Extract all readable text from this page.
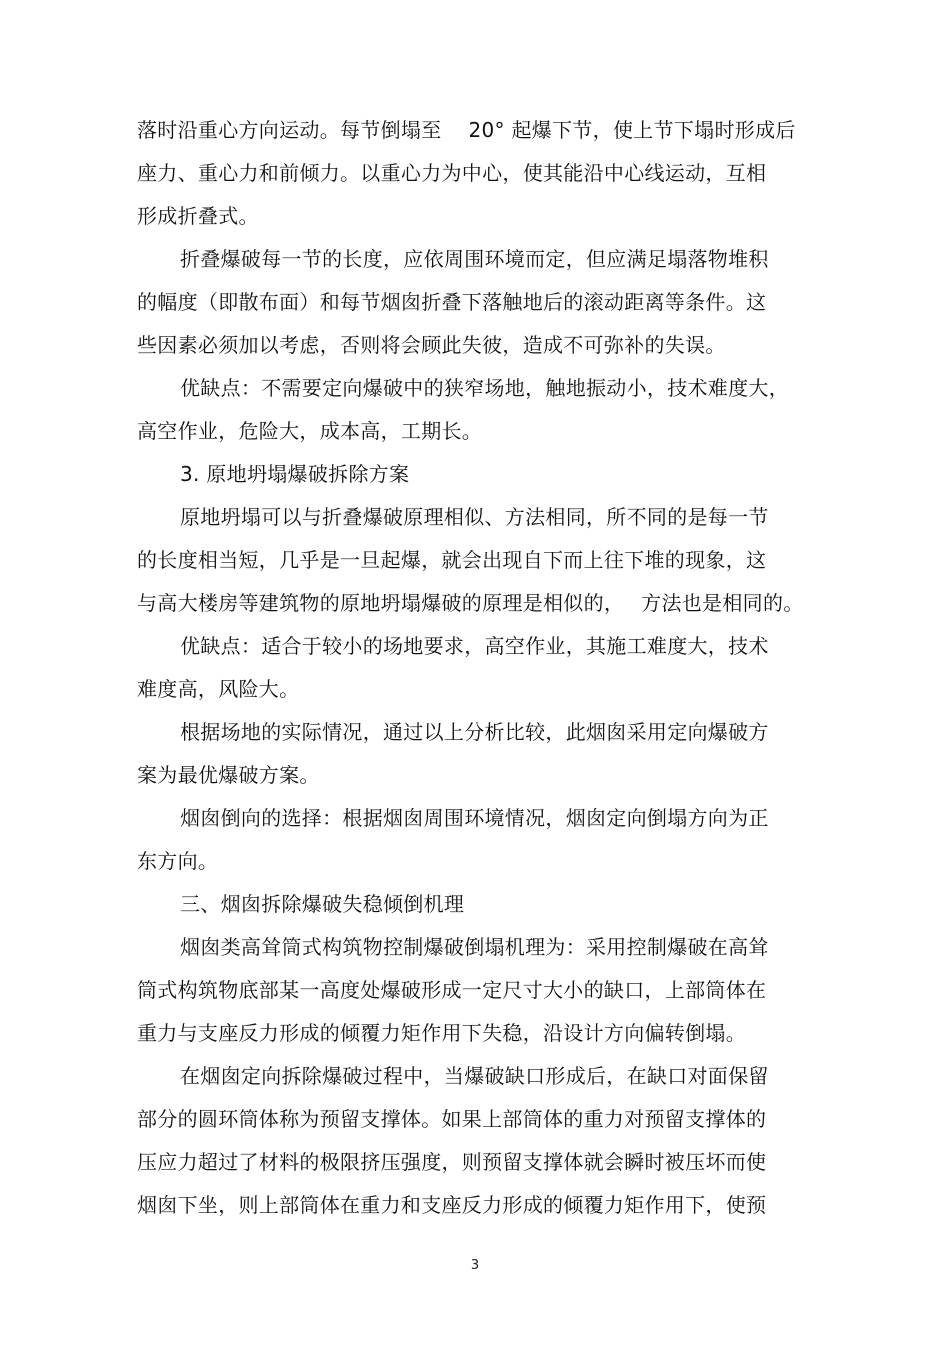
落时沿重心方向运动。每节倒塌至　 20° 起爆下节，使上节下塌时形成后
座力、重心力和前倾力。以重心力为中心，使其能沿中心线运动，互相
形成折叠式。
折叠爆破每一节的长度，应依周围环境而定，但应满足塌落物堆积
的幅度（即散布面）和每节烟囱折叠下落触地后的滚动距离等条件。这
些因素必须加以考虑，否则将会顾此失彼，造成不可弥补的失误。
优缺点：不需要定向爆破中的狭窄场地，触地振动小，技术难度大，
高空作业，危险大，成本高，工期长。
3. 原地坍塌爆破拆除方案
原地坍塌可以与折叠爆破原理相似、方法相同，所不同的是每一节
的长度相当短，几乎是一旦起爆，就会出现自下而上往下堆的现象，这
与高大楼房等建筑物的原地坍塌爆破的原理是相似的，　 方法也是相同的。
优缺点：适合于较小的场地要求，高空作业，其施工难度大，技术
难度高，风险大。
根据场地的实际情况，通过以上分析比较，此烟囱采用定向爆破方
案为最优爆破方案。
烟囱倒向的选择：根据烟囱周围环境情况，烟囱定向倒塌方向为正
东方向。
三、烟囱拆除爆破失稳倾倒机理
烟囱类高耸筒式构筑物控制爆破倒塌机理为：采用控制爆破在高耸
筒式构筑物底部某一高度处爆破形成一定尺寸大小的缺口，上部筒体在
重力与支座反力形成的倾覆力矩作用下失稳，沿设计方向偏转倒塌。
在烟囱定向拆除爆破过程中，当爆破缺口形成后，在缺口对面保留
部分的圆环筒体称为预留支撑体。如果上部筒体的重力对预留支撑体的
压应力超过了材料的极限挤压强度，则预留支撑体就会瞬时被压坏而使
烟囱下坐，则上部筒体在重力和支座反力形成的倾覆力矩作用下，使预
3
